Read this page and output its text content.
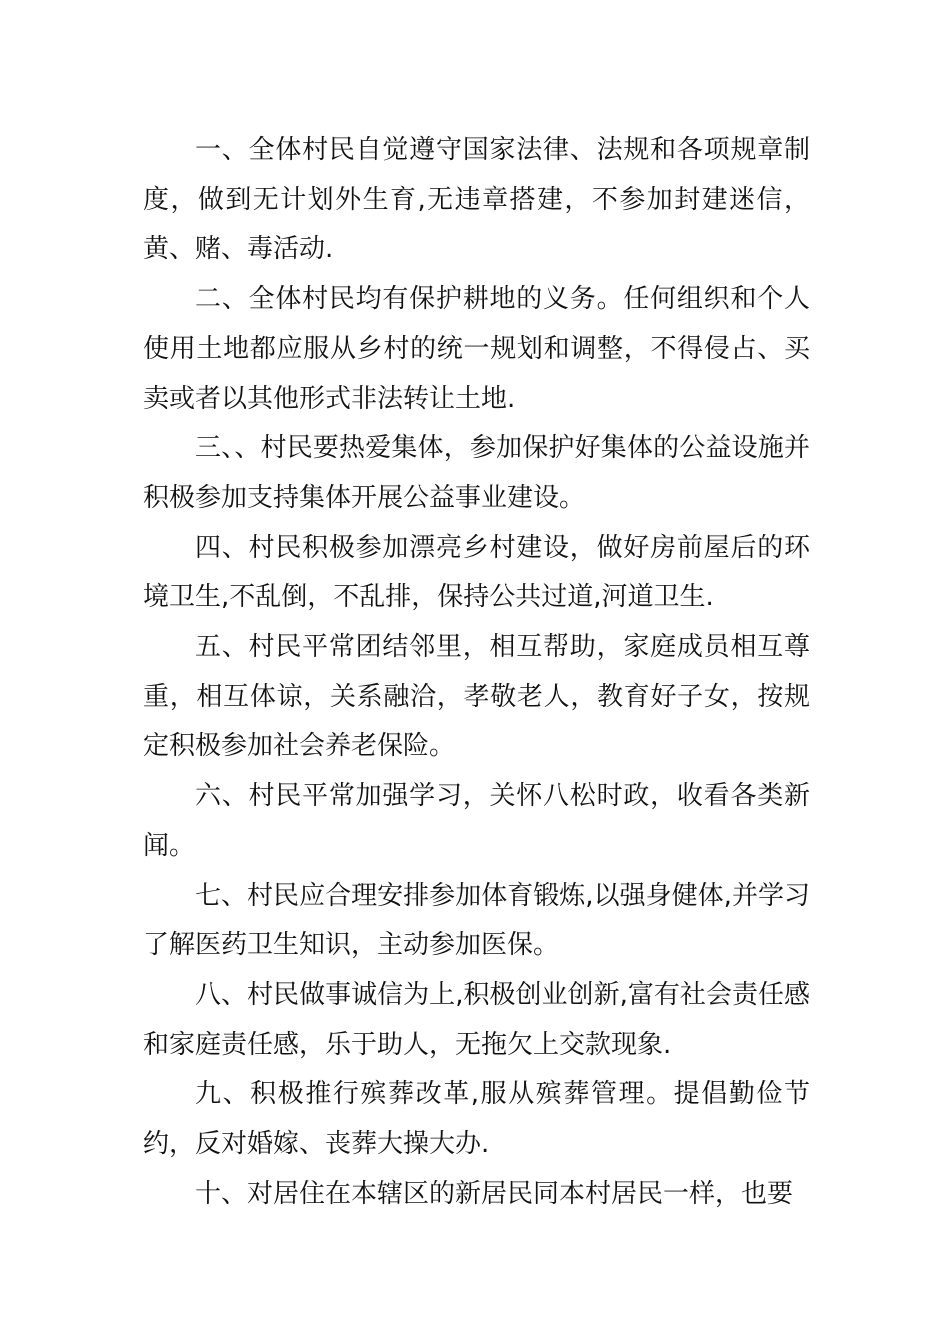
一、全体村民自觉遵守国家法律、法规和各项规章制度，做到无计划外生育,无违章搭建，不参加封建迷信，黄、赌、毒活动.

二、全体村民均有保护耕地的义务。任何组织和个人使用土地都应服从乡村的统一规划和调整，不得侵占、买卖或者以其他形式非法转让土地.

三、、村民要热爱集体，参加保护好集体的公益设施并积极参加支持集体开展公益事业建设。

四、村民积极参加漂亮乡村建设，做好房前屋后的环境卫生,不乱倒，不乱排，保持公共过道,河道卫生.

五、村民平常团结邻里，相互帮助，家庭成员相互尊重，相互体谅，关系融洽，孝敬老人，教育好子女，按规定积极参加社会养老保险。

六、村民平常加强学习，关怀八松时政，收看各类新闻。

七、村民应合理安排参加体育锻炼,以强身健体,并学习了解医药卫生知识，主动参加医保。

八、村民做事诚信为上,积极创业创新,富有社会责任感和家庭责任感，乐于助人，无拖欠上交款现象.

九、积极推行殡葬改革,服从殡葬管理。提倡勤俭节约，反对婚嫁、丧葬大操大办.

十、对居住在本辖区的新居民同本村居民一样，也要
